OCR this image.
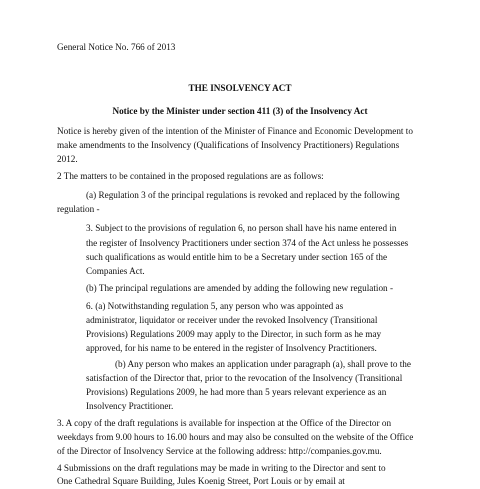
General Notice No. 766 of 2013

THE INSOLVENCY ACT

Notice by the Minister under section 411 (3) of the Insolvency Act

Notice is hereby given of the intention of the Minister of Finance and Economic Development to

make amendments to the Insolvency (Qualifications of Insolvency Practitioners) Regulations

2012.

2 The matters to be contained in the proposed regulations are as follows:

(a) Regulation 3 of the principal regulations is revoked and replaced by the following

regulation -

3. Subject to the provisions of regulation 6, no person shall have his name entered in

the register of Insolvency Practitioners under section 374 of the Act unless he possesses

such qualifications as would entitle him to be a Secretary under section 165 of the

Companies Act.

(b) The principal regulations are amended by adding the following new regulation -

6. (a) Notwithstanding regulation 5, any person who was appointed as

administrator, liquidator or receiver under the revoked Insolvency (Transitional

Provisions) Regulations 2009 may apply to the Director, in such form as he may

approved, for his name to be entered in the register of Insolvency Practitioners.

(b) Any person who makes an application under paragraph (a), shall prove to the

satisfaction of the Director that, prior to the revocation of the Insolvency (Transitional

Provisions) Regulations 2009, he had more than 5 years relevant experience as an

Insolvency Practitioner.

3. A copy of the draft regulations is available for inspection at the Office of the Director on

weekdays from 9.00 hours to 16.00 hours and may also be consulted on the website of the Office

of the Director of Insolvency Service at the following address: http://companies.gov.mu.

4 Submissions on the draft regulations may be made in writing to the Director and sent to

One Cathedral Square Building, Jules Koenig Street, Port Louis or by email at
